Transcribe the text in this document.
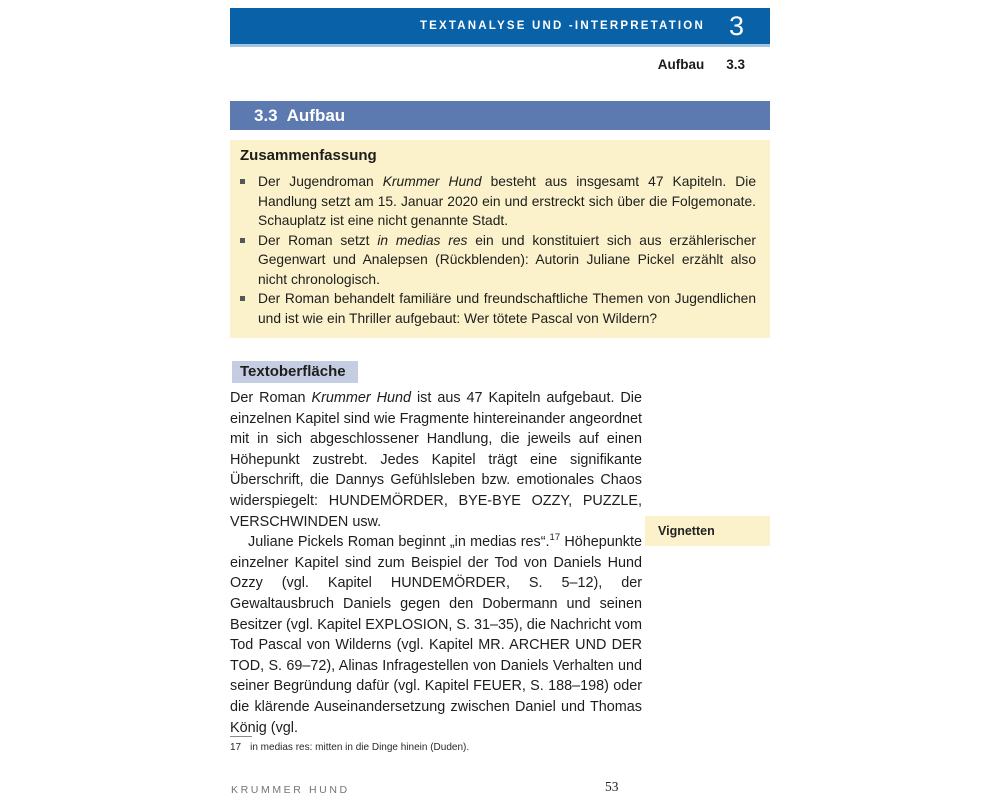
TEXTANALYSE UND -INTERPRETATION 3
Aufbau 3.3
3.3 Aufbau
Zusammenfassung
Der Jugendroman Krummer Hund besteht aus insgesamt 47 Kapiteln. Die Handlung setzt am 15. Januar 2020 ein und erstreckt sich über die Folgemonate. Schauplatz ist eine nicht genannte Stadt.
Der Roman setzt in medias res ein und konstituiert sich aus erzählerischer Gegenwart und Analepsen (Rückblenden): Autorin Juliane Pickel erzählt also nicht chronologisch.
Der Roman behandelt familiäre und freundschaftliche Themen von Jugendlichen und ist wie ein Thriller aufgebaut: Wer tötete Pascal von Wildern?
Textoberfläche

Der Roman Krummer Hund ist aus 47 Kapiteln aufgebaut. Die einzelnen Kapitel sind wie Fragmente hintereinander angeordnet mit in sich abgeschlossener Handlung, die jeweils auf einen Höhepunkt zustrebt. Jedes Kapitel trägt eine signifikante Überschrift, die Dannys Gefühlsleben bzw. emotionales Chaos widerspiegelt: HUNDEMÖRDER, BYE-BYE OZZY, PUZZLE, VERSCHWINDEN usw.

Juliane Pickels Roman beginnt „in medias res“.$^{17}$ Höhepunkte einzelner Kapitel sind zum Beispiel der Tod von Daniels Hund Ozzy (vgl. Kapitel HUNDEMÖRDER, S. 5–12), der Gewaltausbruch Daniels gegen den Dobermann und seinen Besitzer (vgl. Kapitel EXPLOSION, S. 31–35), die Nachricht vom Tod Pascal von Wilderns (vgl. Kapitel MR. ARCHER UND DER TOD, S. 69–72), Alinas Infragestellen von Daniels Verhalten und seiner Begründung dafür (vgl. Kapitel FEUER, S. 188–198) oder die klärende Auseinandersetzung zwischen Daniel und Thomas König (vgl.

Vignetten
17 in medias res: mitten in die Dinge hinein (Duden).
KRUMMER HUND	53
